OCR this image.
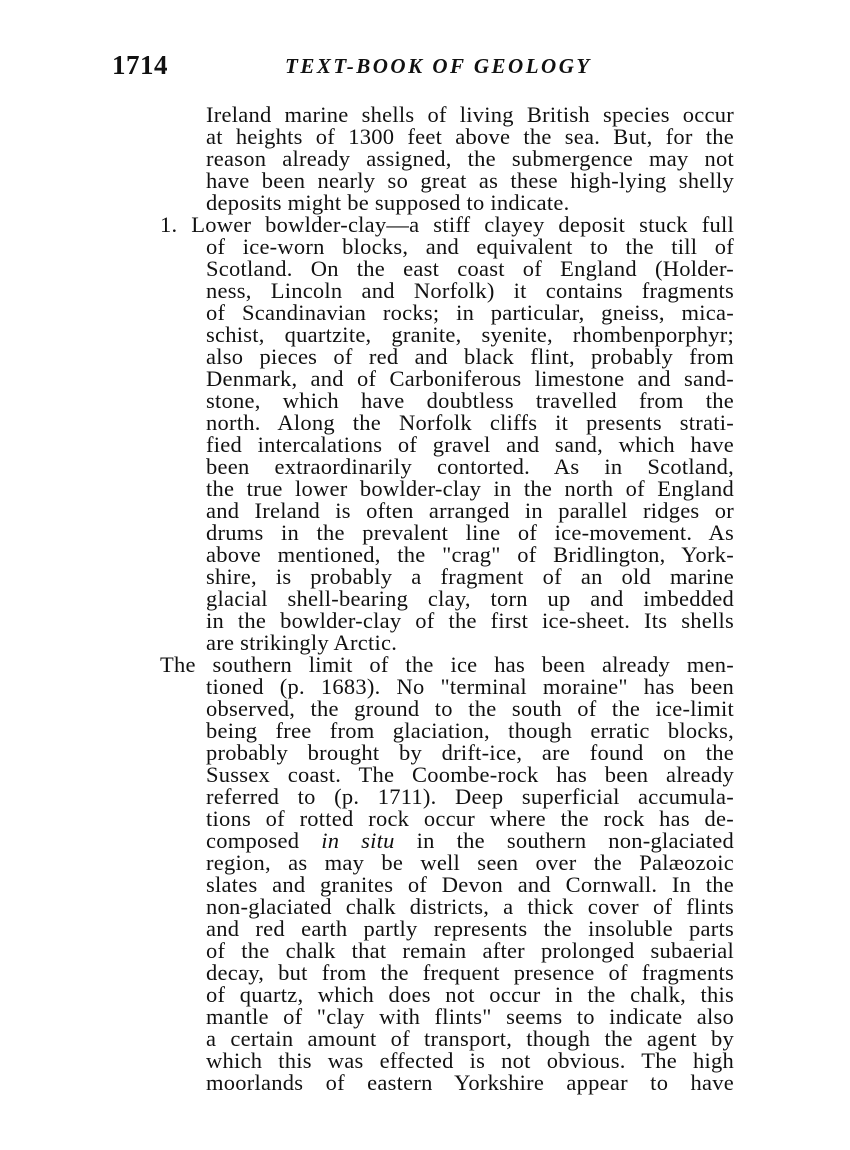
1714	TEXT-BOOK OF GEOLOGY
Ireland marine shells of living British species occur
at heights of 1300 feet above the sea. But, for the
reason already assigned, the submergence may not
have been nearly so great as these high-lying shelly
deposits might be supposed to indicate.
1. Lower bowlder-clay—a stiff clayey deposit stuck full
of ice-worn blocks, and equivalent to the till of
Scotland. On the east coast of England (Holder-
ness, Lincoln and Norfolk) it contains fragments
of Scandinavian rocks; in particular, gneiss, mica-
schist, quartzite, granite, syenite, rhombenporphyr;
also pieces of red and black flint, probably from
Denmark, and of Carboniferous limestone and sand-
stone, which have doubtless travelled from the
north. Along the Norfolk cliffs it presents strati-
fied intercalations of gravel and sand, which have
been extraordinarily contorted. As in Scotland,
the true lower bowlder-clay in the north of England
and Ireland is often arranged in parallel ridges or
drums in the prevalent line of ice-movement. As
above mentioned, the "crag" of Bridlington, York-
shire, is probably a fragment of an old marine
glacial shell-bearing clay, torn up and imbedded
in the bowlder-clay of the first ice-sheet. Its shells
are strikingly Arctic.
The southern limit of the ice has been already men-
tioned (p. 1683). No "terminal moraine" has been
observed, the ground to the south of the ice-limit
being free from glaciation, though erratic blocks,
probably brought by drift-ice, are found on the
Sussex coast. The Coombe-rock has been already
referred to (p. 1711). Deep superficial accumula-
tions of rotted rock occur where the rock has de-
composed in situ in the southern non-glaciated
region, as may be well seen over the Palæozoic
slates and granites of Devon and Cornwall. In the
non-glaciated chalk districts, a thick cover of flints
and red earth partly represents the insoluble parts
of the chalk that remain after prolonged subaerial
decay, but from the frequent presence of fragments
of quartz, which does not occur in the chalk, this
mantle of "clay with flints" seems to indicate also
a certain amount of transport, though the agent by
which this was effected is not obvious. The high
moorlands of eastern Yorkshire appear to have
